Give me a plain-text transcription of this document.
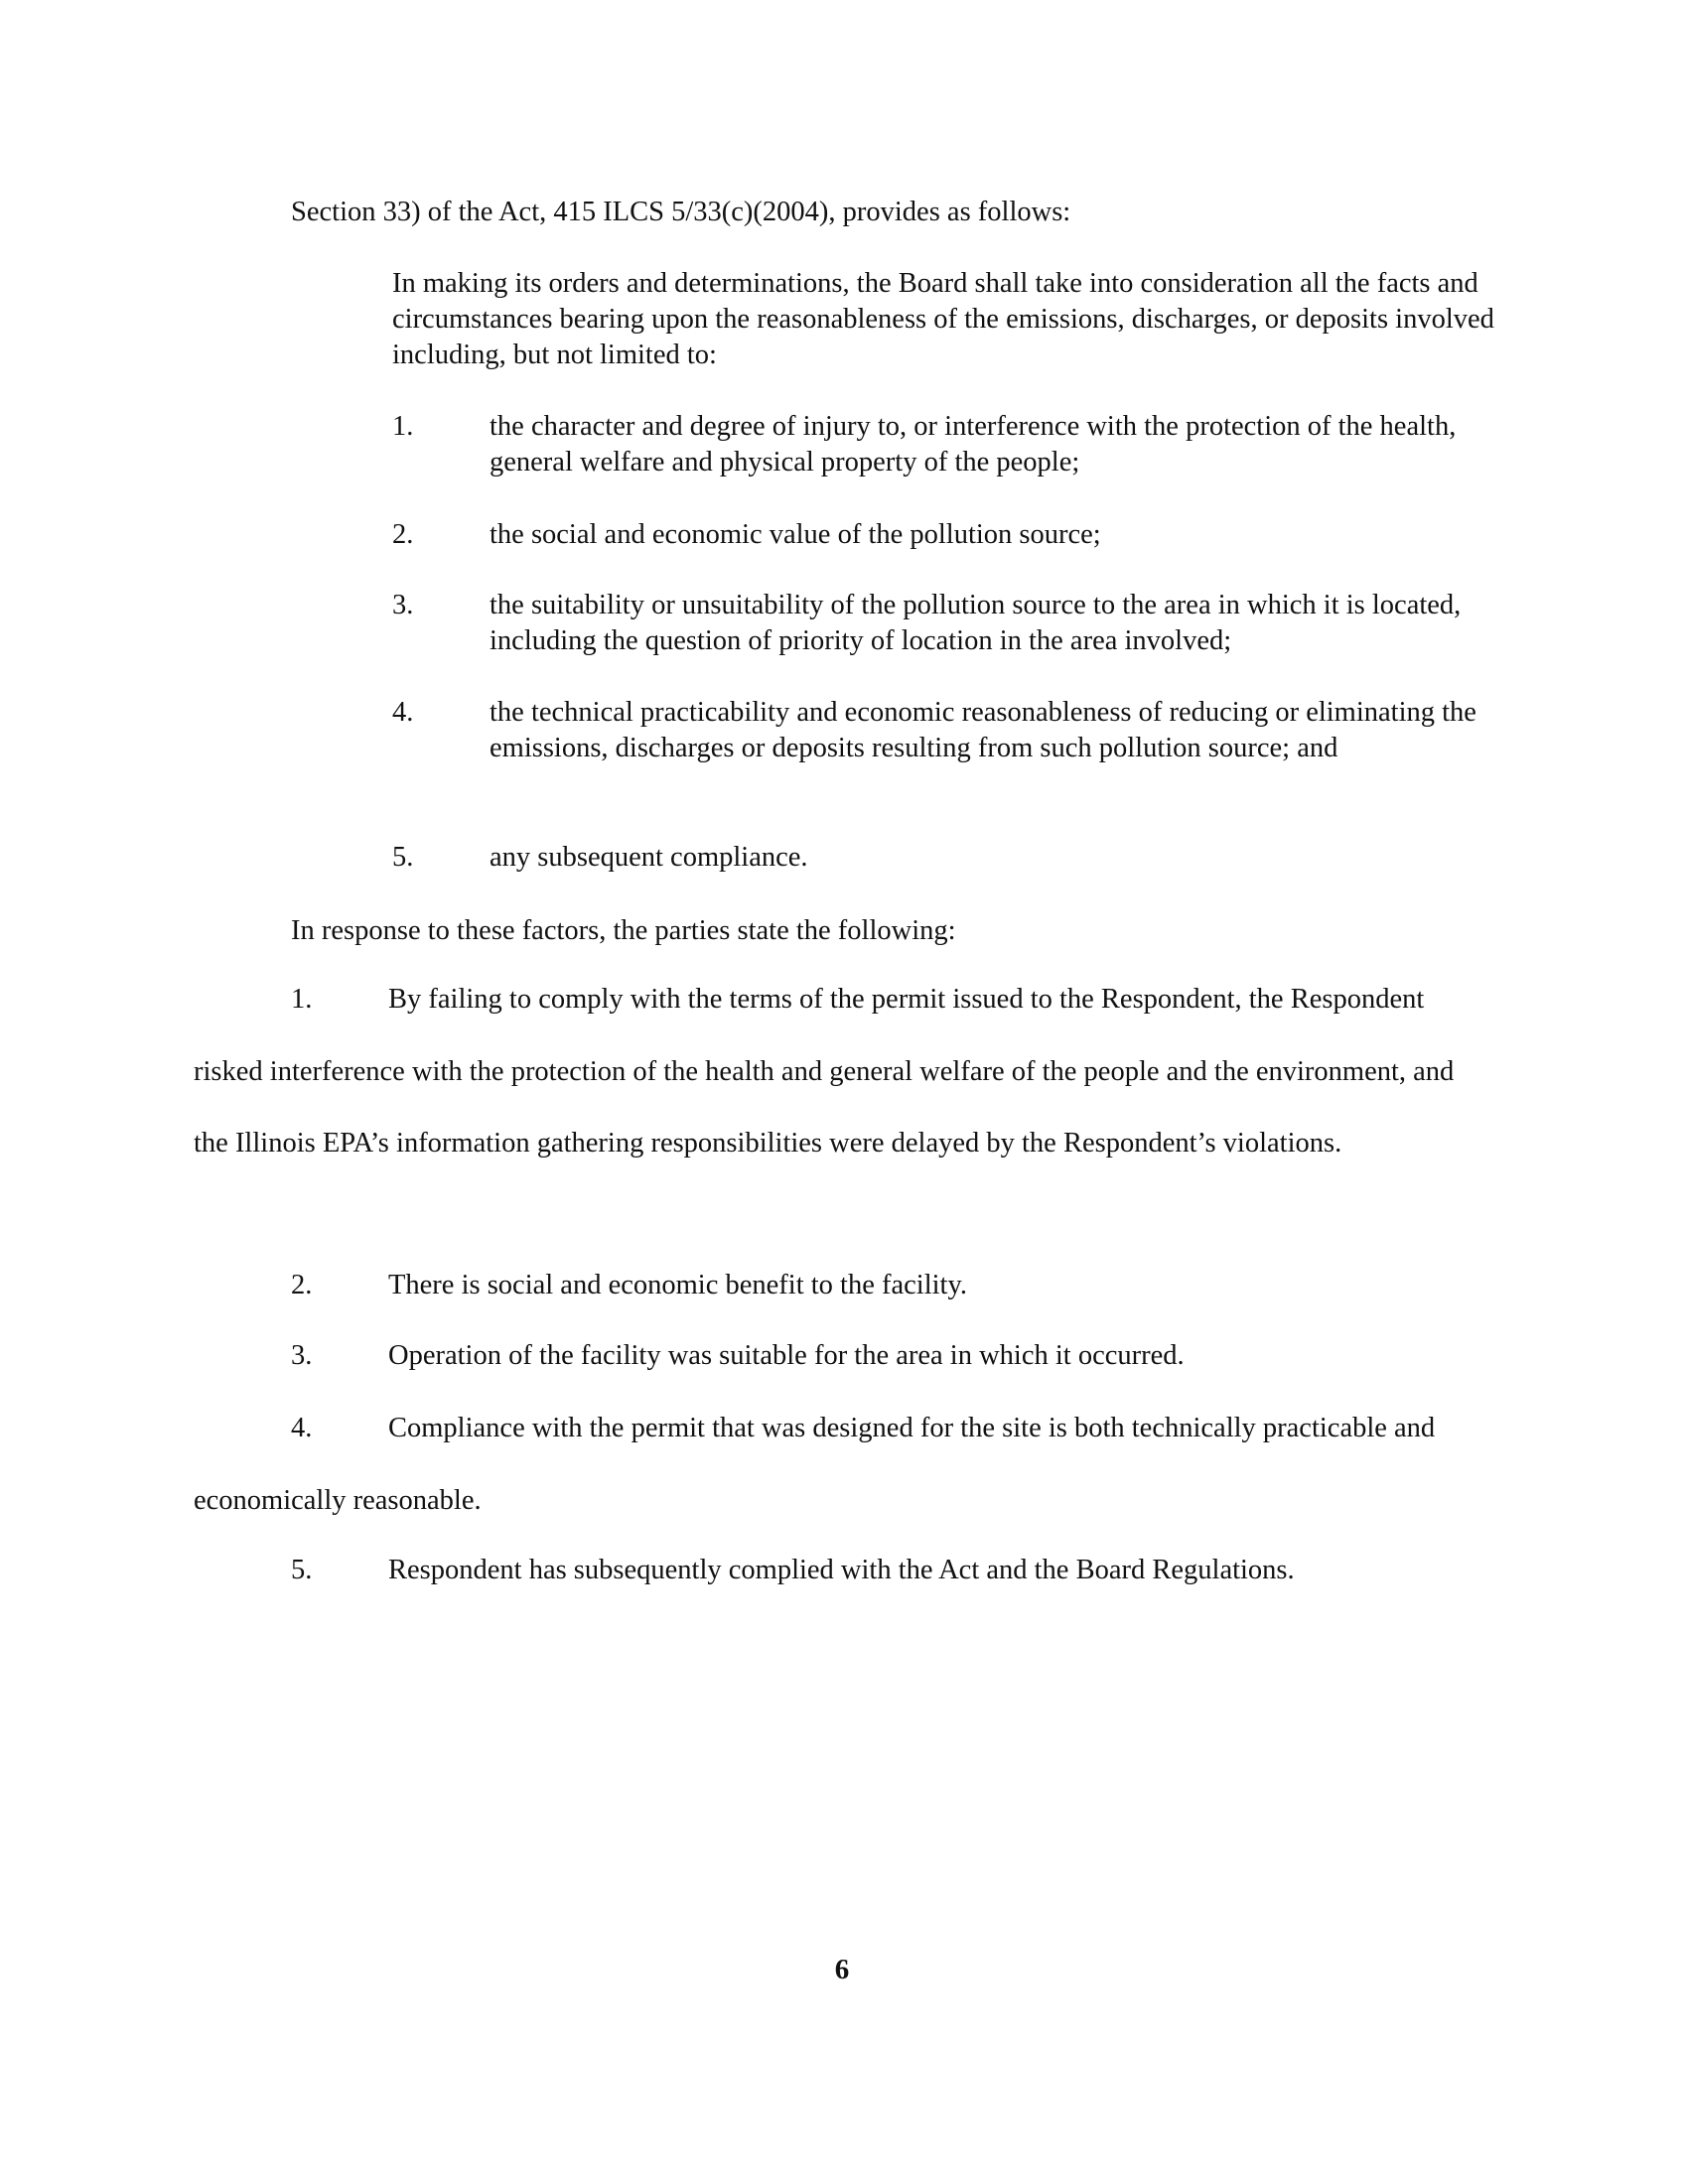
Section 33) of the Act, 415 ILCS 5/33(c)(2004), provides as follows:
In making its orders and determinations, the Board shall take into consideration all the facts and circumstances bearing upon the reasonableness of the emissions, discharges, or deposits involved including, but not limited to:
1.	the character and degree of injury to, or interference with the protection of the health, general welfare and physical property of the people;
2.	the social and economic value of the pollution source;
3.	the suitability or unsuitability of the pollution source to the area in which it is located, including the question of priority of location in the area involved;
4.	the technical practicability and economic reasonableness of reducing or eliminating the emissions, discharges or deposits resulting from such pollution source; and
5.	any subsequent compliance.
In response to these factors, the parties state the following:
1.	By failing to comply with the terms of the permit issued to the Respondent, the Respondent risked interference with the protection of the health and general welfare of the people and the environment, and the Illinois EPA’s information gathering responsibilities were delayed by the Respondent’s violations.
2.	There is social and economic benefit to the facility.
3.	Operation of the facility was suitable for the area in which it occurred.
4.	Compliance with the permit that was designed for the site is both technically practicable and economically reasonable.
5.	Respondent has subsequently complied with the Act and the Board Regulations.
6
